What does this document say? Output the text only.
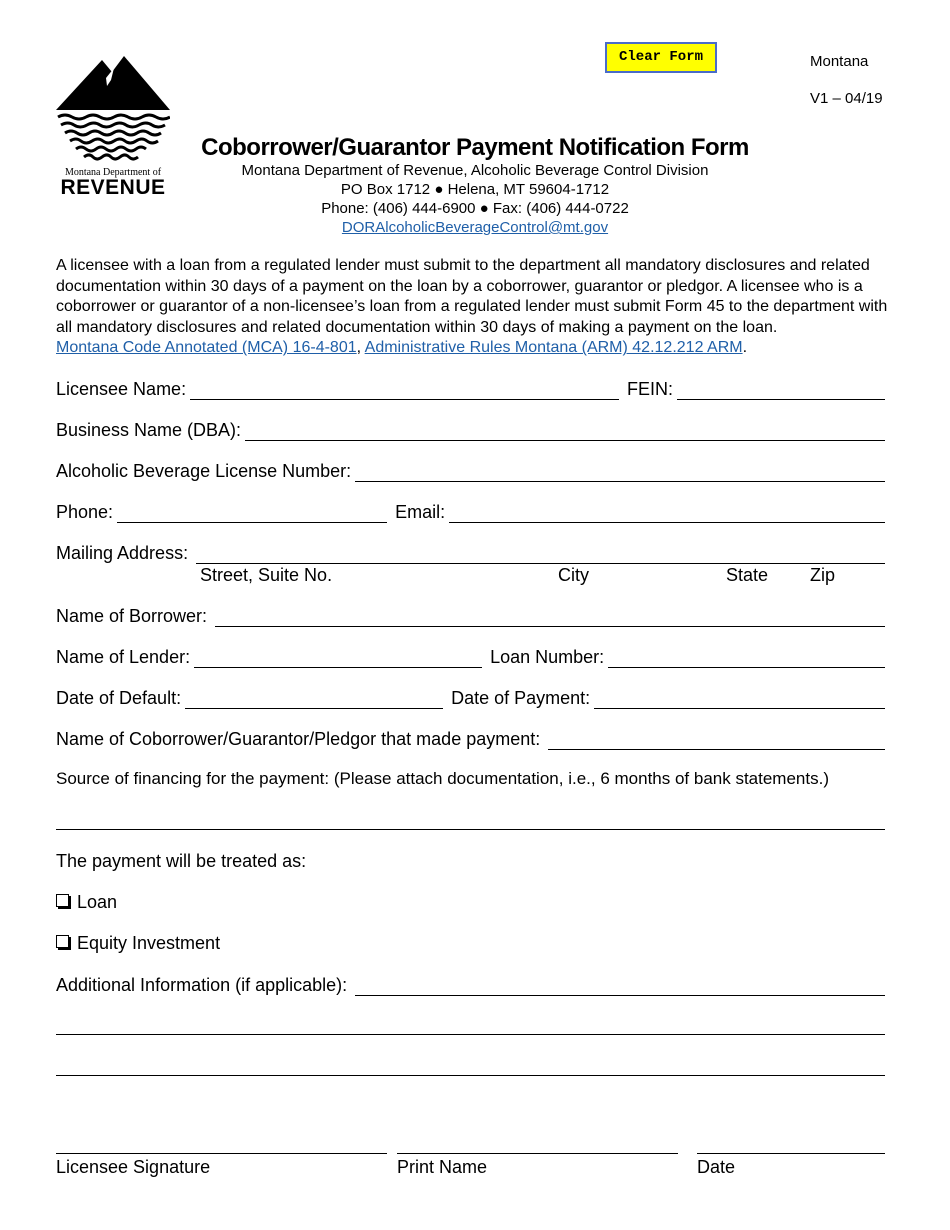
Montana Department of
REVENUE
Clear Form	Montana
V1 – 04/19
Coborrower/Guarantor Payment Notification Form
Montana Department of Revenue, Alcoholic Beverage Control Division
PO Box 1712 ● Helena, MT 59604-1712
Phone: (406) 444-6900 ● Fax: (406) 444-0722
DORAlcoholicBeverageControl@mt.gov
A licensee with a loan from a regulated lender must submit to the department all mandatory disclosures and related documentation within 30 days of a payment on the loan by a coborrower, guarantor or pledgor. A licensee who is a coborrower or guarantor of a non-licensee’s loan from a regulated lender must submit Form 45 to the department with all mandatory disclosures and related documentation within 30 days of making a payment on the loan.
Montana Code Annotated (MCA) 16-4-801, Administrative Rules Montana (ARM) 42.12.212 ARM.
Licensee Name:	FEIN:
Business Name (DBA):
Alcoholic Beverage License Number:
Phone:	Email:
Mailing Address:
Street, Suite No.	City	State Zip
Name of Borrower:
Name of Lender:	Loan Number:
Date of Default:	Date of Payment:
Name of Coborrower/Guarantor/Pledgor that made payment:
Source of financing for the payment: (Please attach documentation, i.e., 6 months of bank statements.)
The payment will be treated as:
Loan
Equity Investment
Additional Information (if applicable):
Licensee Signature	Print Name	Date
